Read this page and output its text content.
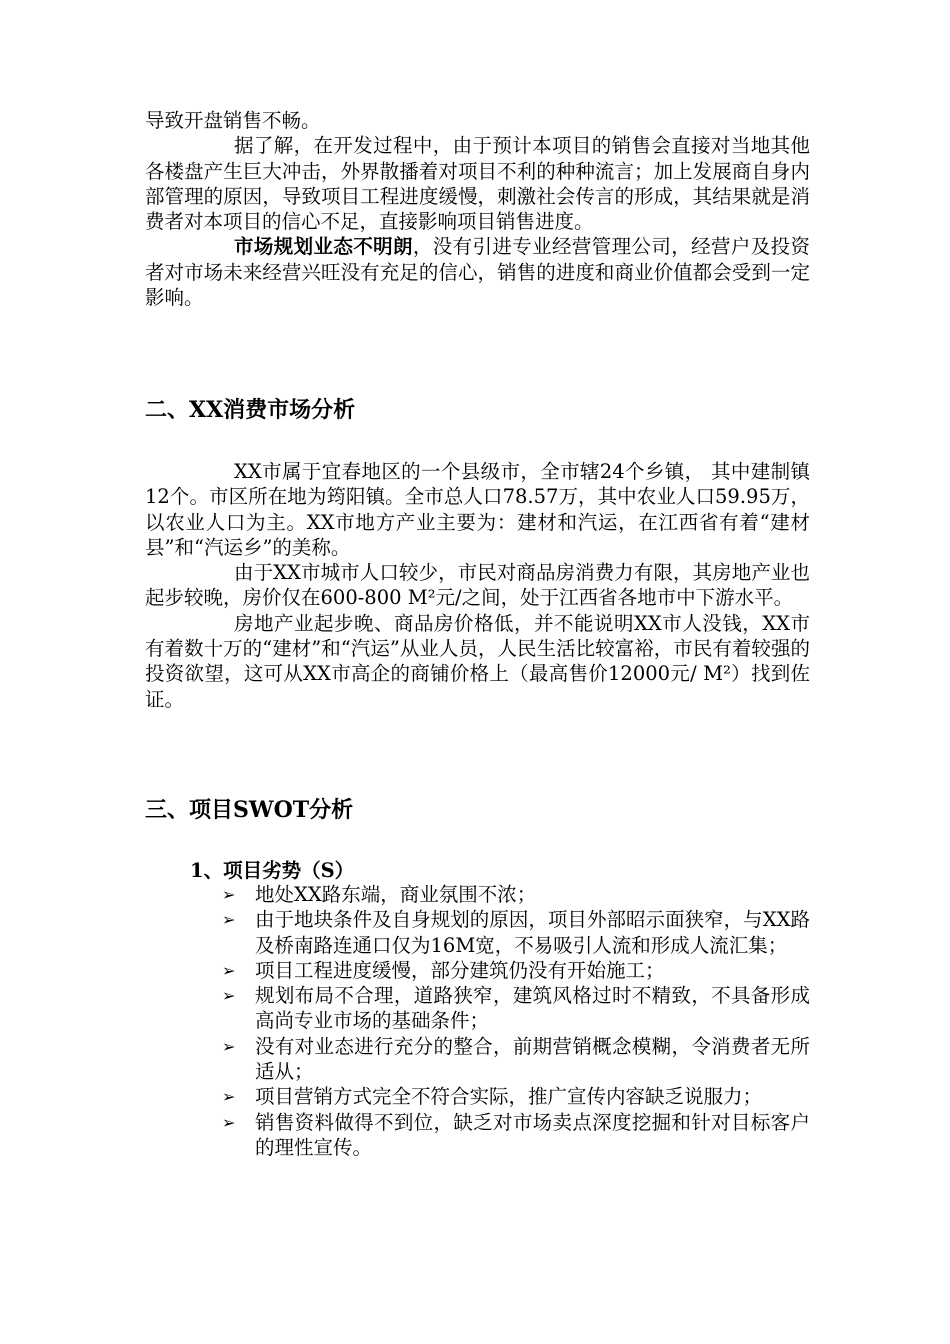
导致开盘销售不畅。

据了解，在开发过程中，由于预计本项目的销售会直接对当地其他各楼盘产生巨大冲击，外界散播着对项目不利的种种流言；加上发展商自身内部管理的原因，导致项目工程进度缓慢，刺激社会传言的形成，其结果就是消费者对本项目的信心不足，直接影响项目销售进度。

市场规划业态不明朗，没有引进专业经营管理公司，经营户及投资者对市场未来经营兴旺没有充足的信心，销售的进度和商业价值都会受到一定影响。

二、XX消费市场分析

XX市属于宜春地区的一个县级市，全市辖24个乡镇， 其中建制镇12个。市区所在地为筠阳镇。全市总人口78.57万，其中农业人口59.95万，以农业人口为主。XX市地方产业主要为：建材和汽运，在江西省有着“建材县”和“汽运乡”的美称。

由于XX市城市人口较少，市民对商品房消费力有限，其房地产业也起步较晚，房价仅在600-800 M²元/之间，处于江西省各地市中下游水平。

房地产业起步晚、商品房价格低，并不能说明XX市人没钱，XX市有着数十万的“建材”和“汽运”从业人员，人民生活比较富裕，市民有着较强的投资欲望，这可从XX市高企的商铺价格上（最高售价12000元/ M²）找到佐证。

三、项目SWOT分析
1、项目劣势（S）
➢	地处XX路东端，商业氛围不浓；
➢	由于地块条件及自身规划的原因，项目外部昭示面狭窄，与XX路及桥南路连通口仅为16M宽，不易吸引人流和形成人流汇集；
➢	项目工程进度缓慢，部分建筑仍没有开始施工；
➢	规划布局不合理，道路狭窄，建筑风格过时不精致，不具备形成高尚专业市场的基础条件；
➢	没有对业态进行充分的整合，前期营销概念模糊，令消费者无所适从；
➢	项目营销方式完全不符合实际，推广宣传内容缺乏说服力；
➢	销售资料做得不到位，缺乏对市场卖点深度挖掘和针对目标客户的理性宣传。
